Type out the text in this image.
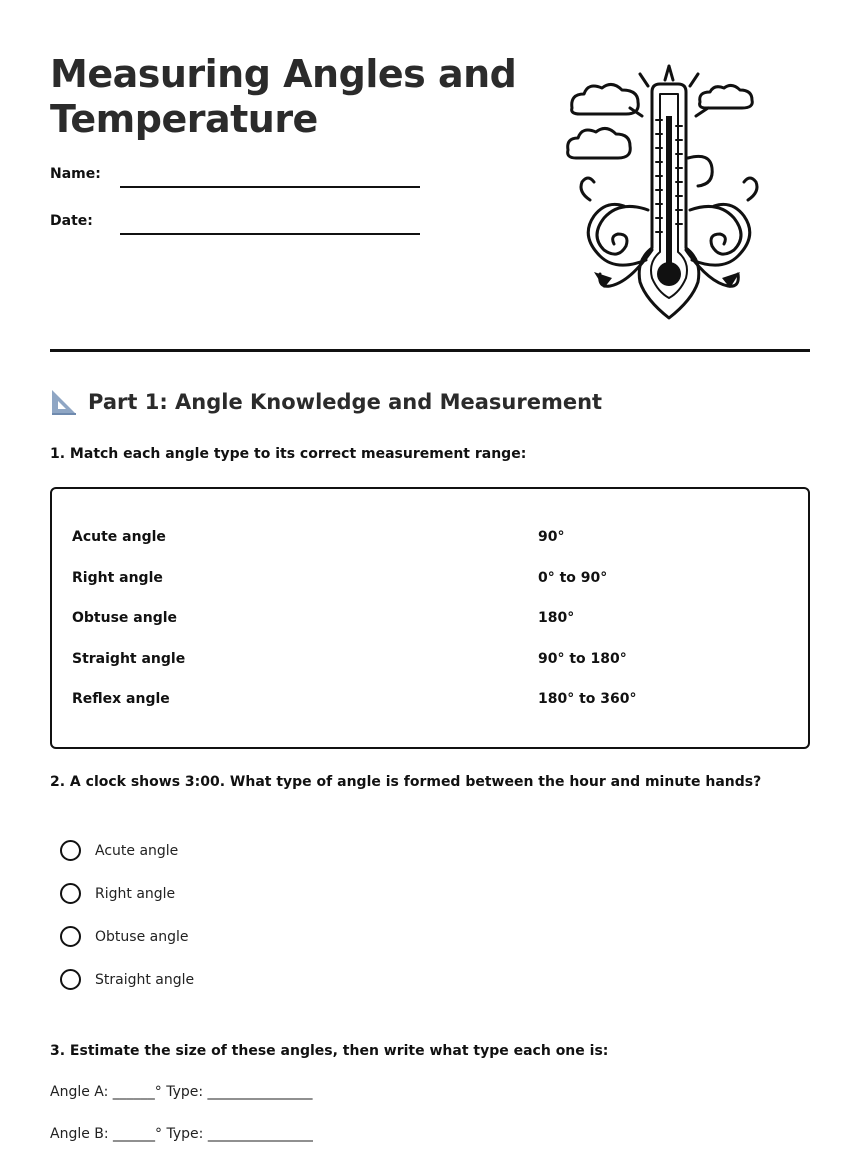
Measuring Angles and
Temperature
Name:
Date:
Part 1: Angle Knowledge and Measurement
1. Match each angle type to its correct measurement range:
Acute angle	90°
Right angle	0° to 90°
Obtuse angle	180°
Straight angle	90° to 180°
Reflex angle	180° to 360°
2. A clock shows 3:00. What type of angle is formed between the hour and minute hands?
Acute angle
Right angle
Obtuse angle
Straight angle
3. Estimate the size of these angles, then write what type each one is:
Angle A: ______° Type: _______________
Angle B: ______° Type: _______________
